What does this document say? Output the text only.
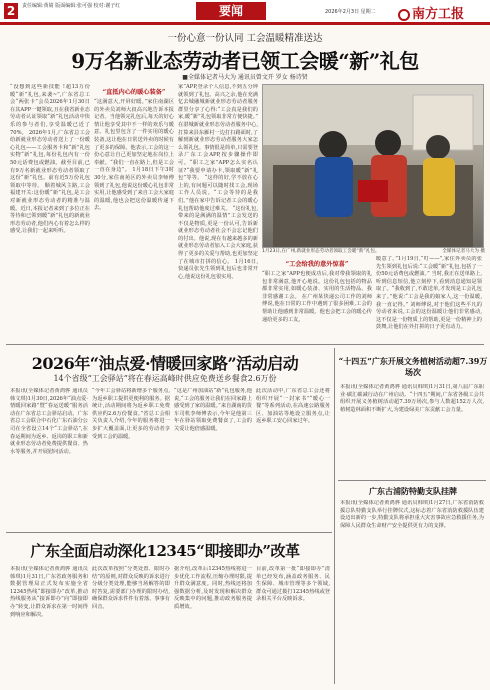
2	责任编辑:黄婧 版面编辑:张可强 校对:谢子红	要闻	2026年2月3日 星期二	南方工报
一份心意一份认同 工会温暖精准送达
9万名新业态劳动者已领工会暖“新”礼包
■全媒体记者马大为 通讯员曾文开 罗女 杨诗贤
“没想到这些新技能 !超13万份暖“新”礼包,来袭~”,广东省总工会“两张卡”会员2026年1月30日在其APP一键领取,且在我省新业态劳动者认证领取“新”礼包活动中快乐的参与者们,享受温暖已近了70%。 2026年1月,广东省总工会给新就业形态劳动者送上了一份暖心礼包——工会服务卡和“新”礼包实物“新”礼包,每份礼包内有一份50元话费包或燃油。截至目前,已有9万名新就业形态劳动者领取了这份“新”礼包。前有近5万份礼包领取中等待。 顺着城风主路,工会福建开关:这份暖“新”礼包,是工会对新就业形态劳动者的精准与温暖。近日,本报记者来到了多位正在等待和已领到暖“新”礼包的新就业形态劳动者,他们内心有着怎么样的感受,让我们一起来听听。
“直抵内心的暖心装备”
“这满意大,开屏好暖。”家住南湖区的外卖员刘师大叔高兴地告诉本报记者。当他领完礼包后,每天的好心情让他享受其中不一样的欢乐与暖意。礼包里包含了一件实用的暖心装备,这让他在日常送外卖的时候有了更多的保障。他表示,工会的这一份心意让自己更加坚定地在岗位上奉献。“我们一直在路上,但是工会一直在身边”。 1月18日下午3时30分,家住南苑区的外卖员李师傅领到了礼包,他说这份暖心礼包非常实用,让他感受到了来自工会大家庭的温暖,他也会把这份温暖传递下去。
家“APP,登录个人信息,不到五分钟就领到了礼包。高兴之余,他在充满忆去城融城新就业形态劳动者服务群里分享了心得:“工会真是我们的家,暖“新”礼包领取非常方便快捷。” 在湛城新就业形态劳动者服务中心,打算来县东雁村一边打扫路面时,了解到新就业形态劳动者服务大家怎么领礼包。事情很是简单,只需要登录广东工会APP,按步骤操作即可。“职工之家”APP怎么实名认证?“我要申请办卡,领取暖“新”礼包”等等。 “这样的好,学不放在心上的,有问题可以随时找工会,现场工作人员说。“工会等待的是我们。”他在家中告诉记者工会的暖心礼包帮助他度过难关。 “这份礼包,带来的是满满的温情”工会发送的不仅是物质,更是一份认可,告诉新就业形态劳动者社会不会忘记他们的付出。他说,现在有越来越多的新就业形态劳动者加入工会大家庭,获得了更多的关爱与帮助,也更加坚定了在城市打拼的信心。 1月16日,快递员张先生领到礼包后也非常开心,他说这份礼包很实用。
1月23日,在广州,新就业形态劳动者领取工会暖“新”礼包。	全媒体记者马大为 摄
“工会给我的意外惊喜”
“职工之家”APP也便成功后,我对带我领取的礼包非常满意,他开心地说。这份礼包包括的物品都非常实用,如暖心装备、实用的生活物品。我非常感谢工会。 在广州某快递公司工作的刘师傅说,他在日常的工作中遇到了很多困难,工会的帮助让他感到非常温暖。他也会把工会的暖心传递给更多的工友。
暖意了。”1月19日,“叮——”,家住外卖员的张先生领到礼包后说:“工会暖“新”礼包,包括了一份50元话费包或燃油。” 当时,我正在送单路上,听到信息短信,他立刻停下,看到消息通知是领取了。“我收到了,不敢送单,才发现是工会礼包来了。”他说:“工会是我的娘家人,这一份温暖,我一直记得。” 刘师傅说,对于他们这些平凡的劳动者来说,工会的这份温暖让他们非常感动,这不仅是一份物质上的帮助,更是一份精神上的鼓舞,让他们在外打拼的日子更有动力。
2026年“油点爱·情暖回家路”活动启动
14个省级“工会驿站”将在春运高峰时供应免费送乡餐食2.6万份
本报讯(全媒体记者黄鸿骅 通讯员韩文琪)1月30日,2026年“油点爱·情暖回家路”暨“春运送暖”服务活动在广东省总工会驿站启动。广东省总工会联合中石化广东石油分公司在全省设立14个“工会驿站”,在春运期间为返乡、返岗的职工和新就业形态劳动者免费提供餐食、热水等服务,并开展慰问活动。
“今年工会驿站将新增多个服务点,为返乡职工提供更便利的服务。据统计,活动期间将为返乡职工免费供应约2.6万份餐食。”省总工会相关负责人介绍,今年的服务将进一步扩大覆盖面,让更多的劳动者享受到工会的温暖。
“这是广州加油站“新”礼包服务,他说,“工会的服务让我们在回家路上感受到了家的温暖。”来自湖南的货车司机李师傅表示,今年是他第三年在驿站领取免费餐食了,工会的关爱让他倍感温暖。
此次活动中,广东省总工会还将组织开展“一封家书”“暖心一餐”等系列活动,在高速公路服务区、加油站等地设立服务点,让返乡职工安心回家过年。
“十四五”广东开展文务植树活动超7.39万场次
本报讯(全媒体记者黄鸿骅 通讯员韩琪)1月31日,第八届广东职业·碳汇碳减行动在广州启动。“十四五”期间,广东省各级工会共组织开展义务植树活动超7.39万场次,参与人数超152万人次,植树造林面积不断扩大,为建设绿美广东贡献工会力量。
广东古浦防特勤支队挂牌
本报讯(全媒体记者黄鸿骅 通讯员韩琪)1月27日,广东省消防救援总队特勤支队举行挂牌仪式,这标志着广东省消防救援队伍建设迈出新的一步,特勤支队将承担重大灾害事故应急救援任务,为保障人民群众生命财产安全提供更有力的支撑。
广东全面启动深化12345“即接即办”改革
本报讯(全媒体记者黄鸿骅 通讯员韩琪)1月31日,广东省政务服务和数据管理局正式发布实施全省12345热线“即接即办”改革,推动热线服务从“接诉即办”向“即接即办”转变,让群众诉求在第一时间得到响应和解决。
此次改革按照“分类处置、限时办结”的原则,对群众反映的诉求进行分级分类处理,能够当场解答的即时答复,需要部门办理的限时办结,确保群众诉求件件有着落、事事有回音。
据介绍,改革后12345热线将进一步优化工作流程,压缩办理时限,提升群众满意度。同时,热线还将加强数据分析,及时发现和解决群众反映集中的问题,推动政务服务提质增效。
目前,改革第一批“即接即办”清单已经发布,涵盖政务服务、民生保障、城市管理等多个领域,群众可通过拨打12345热线或登录相关平台反映诉求。
